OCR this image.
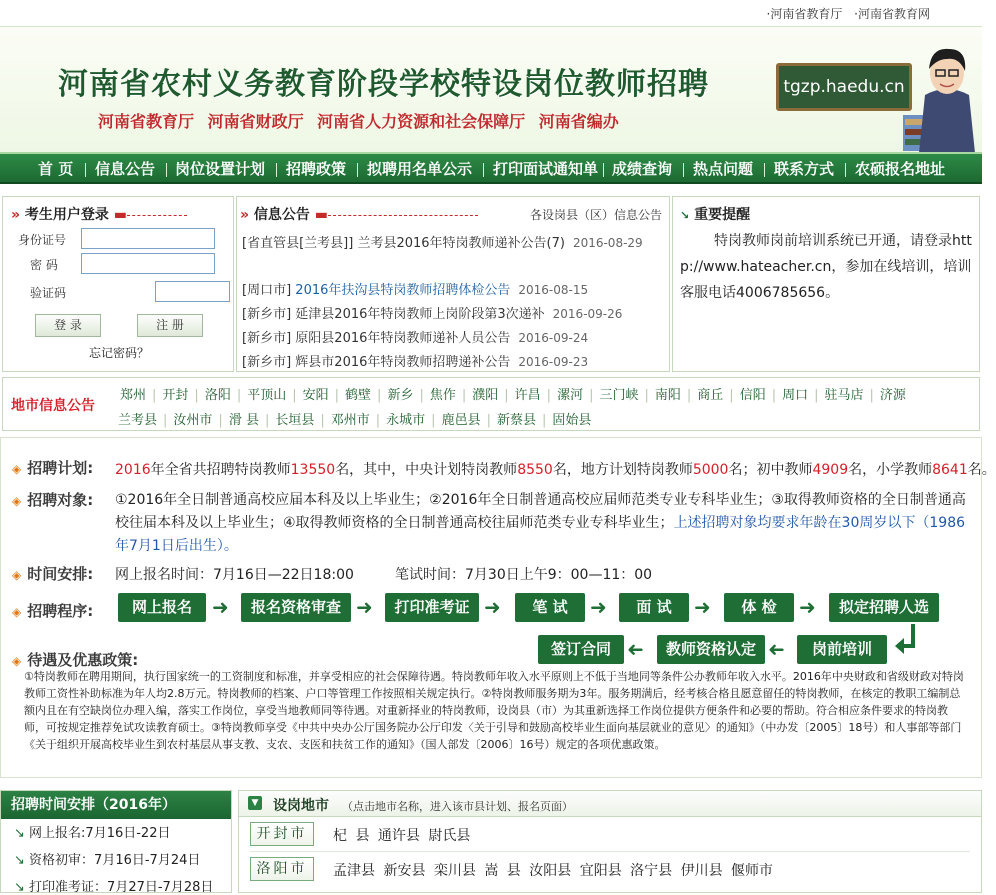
·河南省教育厅 ·河南省教育网
河南省农村义务教育阶段学校特设岗位教师招聘
河南省教育厅 河南省财政厅 河南省人力资源和社会保障厅 河南省编办
tgzp.haedu.cn
首 页 信息公告 岗位设置计划 招聘政策 拟聘用名单公示 打印面试通知单 成绩查询 热点问题 联系方式 农硕报名地址
» 考生用户登录 ▬
身份证号
密 码
验证码
登 录	注 册
忘记密码？
» 信息公告 ▬	各设岗县（区）信息公告
[省直管县[兰考县]] 兰考县2016年特岗教师递补公告(7) 2016-08-29
[周口市] 2016年扶沟县特岗教师招聘体检公告 2016-08-15
[新乡市] 延津县2016年特岗教师上岗阶段第3次递补 2016-09-26
[新乡市] 原阳县2016年特岗教师递补人员公告 2016-09-24
[新乡市] 辉县市2016年特岗教师招聘递补公告 2016-09-23
↘ 重要提醒
特岗教师岗前培训系统已开通，请登录http://www.hateacher.cn，参加在线培训，培训客服电话4006785656。
地市信息公告
郑州 | 开封 | 洛阳 | 平顶山 | 安阳 | 鹤壁 | 新乡 | 焦作 | 濮阳 | 许昌 | 漯河 | 三门峡 | 南阳 | 商丘 | 信阳 | 周口 | 驻马店 | 济源
兰考县 | 汝州市 | 滑 县 | 长垣县 | 邓州市 | 永城市 | 鹿邑县 | 新蔡县 | 固始县
◈ 招聘计划: 2016年全省共招聘特岗教师13550名，其中，中央计划特岗教师8550名，地方计划特岗教师5000名；初中教师4909名，小学教师8641名。
◈ 招聘对象: ①2016年全日制普通高校应届本科及以上毕业生；②2016年全日制普通高校应届师范类专业专科毕业生；③取得教师资格的全日制普通高
校往届本科及以上毕业生；④取得教师资格的全日制普通高校往届师范类专业专科毕业生；上述招聘对象均要求年龄在30周岁以下（1986
年7月1日后出生）。
◈ 时间安排: 网上报名时间：7月16日—22日18:00	笔试时间：7月30日上午9：00—11：00
◈ 招聘程序:	网上报名	➜	报名资格审查 ➜	打印准考证 ➜	笔 试	➜	面 试	➜	体 检	➜	拟定招聘人选
岗前培训
➜
教师资格认定
➜
签订合同
◈ 待遇及优惠政策:
①特岗教师在聘用期间，执行国家统一的工资制度和标准，并享受相应的社会保障待遇。特岗教师年收入水平原则上不低于当地同等条件公办教师年收入水平。2016年中央财政和省级财政对特岗教师工资性补助标准为年人均2.8万元。特岗教师的档案、户口等管理工作按照相关规定执行。②特岗教师服务期为3年。服务期满后，经考核合格且愿意留任的特岗教师，在核定的教职工编制总额内且在有空缺岗位办理入编，落实工作岗位，享受当地教师同等待遇。对重新择业的特岗教师，设岗县（市）为其重新选择工作岗位提供方便条件和必要的帮助。符合相应条件要求的特岗教师，可按规定推荐免试攻读教育硕士。③特岗教师享受《中共中央办公厅国务院办公厅印发〈关于引导和鼓励高校毕业生面向基层就业的意见〉的通知》（中办发〔2005〕18号）和人事部等部门《关于组织开展高校毕业生到农村基层从事支教、支农、支医和扶贫工作的通知》（国人部发〔2006〕16号）规定的各项优惠政策。
招聘时间安排（2016年）
↘ 网上报名:7月16日-22日
↘ 资格初审：7月16日-7月24日
↘ 打印准考证：7月27日-7月28日
▼ 设岗地市 （点击地市名称，进入该市县计划、报名页面）
开封市	杞 县 通许县 尉氏县
洛阳市	孟津县 新安县 栾川县 嵩 县 汝阳县 宜阳县 洛宁县 伊川县 偃师市
